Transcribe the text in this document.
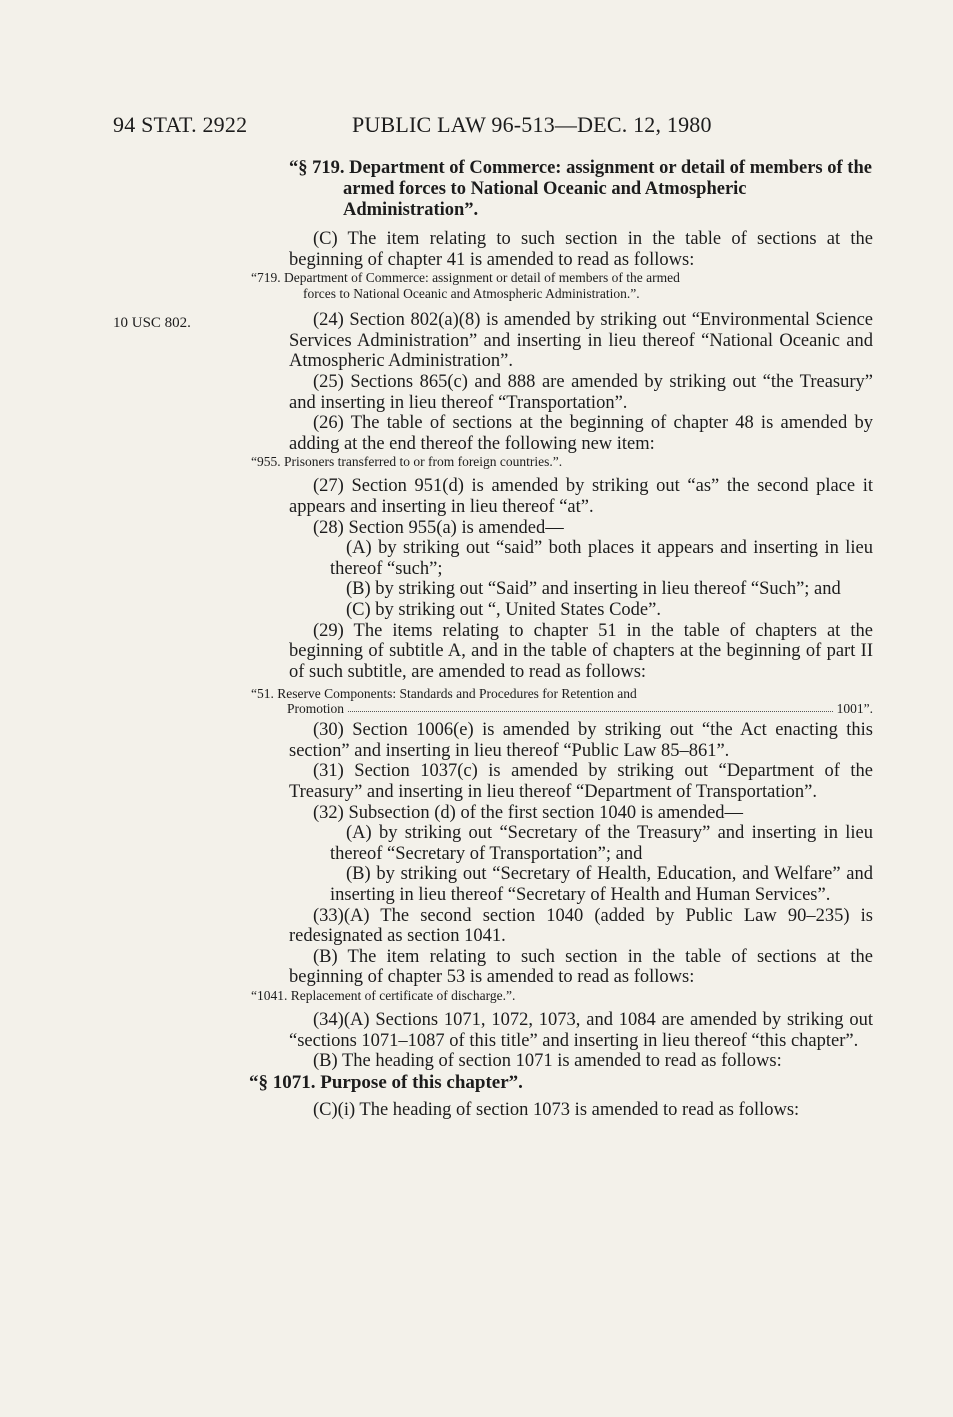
94 STAT. 2922	PUBLIC LAW 96-513—DEC. 12, 1980
10 USC 802.

“§ 719. Department of Commerce: assignment or detail of members of the armed forces to National Oceanic and Atmospheric Administration”.

(C) The item relating to such section in the table of sections at the beginning of chapter 41 is amended to read as follows:

“719. Department of Commerce: assignment or detail of members of the armed

forces to National Oceanic and Atmospheric Administration.”.

(24) Section 802(a)(8) is amended by striking out “Environmental Science Services Administration” and inserting in lieu thereof “National Oceanic and Atmospheric Administration”.

(25) Sections 865(c) and 888 are amended by striking out “the Treasury” and inserting in lieu thereof “Transportation”.

(26) The table of sections at the beginning of chapter 48 is amended by adding at the end thereof the following new item:

“955. Prisoners transferred to or from foreign countries.”.

(27) Section 951(d) is amended by striking out “as” the second place it appears and inserting in lieu thereof “at”.

(28) Section 955(a) is amended—

(A) by striking out “said” both places it appears and inserting in lieu thereof “such”;

(B) by striking out “Said” and inserting in lieu thereof “Such”; and

(C) by striking out “, United States Code”.

(29) The items relating to chapter 51 in the table of chapters at the beginning of subtitle A, and in the table of chapters at the beginning of part II of such subtitle, are amended to read as follows:

“51. Reserve Components: Standards and Procedures for Retention and
Promotion	1001”.

(30) Section 1006(e) is amended by striking out “the Act enacting this section” and inserting in lieu thereof “Public Law 85–861”.

(31) Section 1037(c) is amended by striking out “Department of the Treasury” and inserting in lieu thereof “Department of Transportation”.

(32) Subsection (d) of the first section 1040 is amended—

(A) by striking out “Secretary of the Treasury” and inserting in lieu thereof “Secretary of Transportation”; and

(B) by striking out “Secretary of Health, Education, and Welfare” and inserting in lieu thereof “Secretary of Health and Human Services”.

(33)(A) The second section 1040 (added by Public Law 90–235) is redesignated as section 1041.

(B) The item relating to such section in the table of sections at the beginning of chapter 53 is amended to read as follows:

“1041. Replacement of certificate of discharge.”.

(34)(A) Sections 1071, 1072, 1073, and 1084 are amended by striking out “sections 1071–1087 of this title” and inserting in lieu thereof “this chapter”.

(B) The heading of section 1071 is amended to read as follows:

“§ 1071. Purpose of this chapter”.

(C)(i) The heading of section 1073 is amended to read as follows:
